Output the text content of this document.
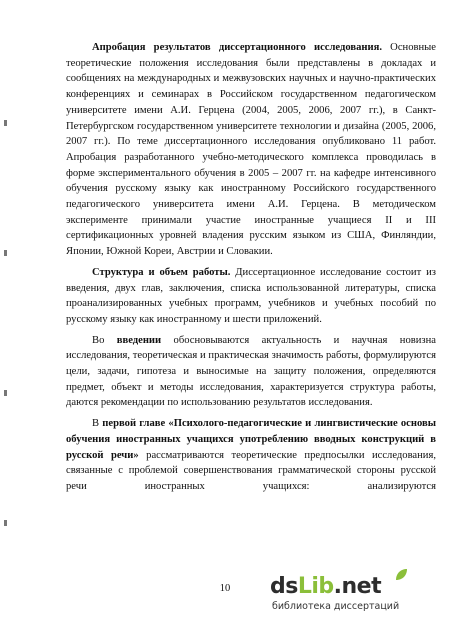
Апробация результатов диссертационного исследования. Основные теоретические положения исследования были представлены в докладах и сообщениях на международных и межвузовских научных и научно-практических конференциях и семинарах в Российском государственном педагогическом университете имени А.И. Герцена (2004, 2005, 2006, 2007 гг.), в Санкт-Петербургском государственном университете технологии и дизайна (2005, 2006, 2007 гг.). По теме диссертационного исследования опубликовано 11 работ. Апробация разработанного учебно-методического комплекса проводилась в форме экспериментального обучения в 2005 – 2007 гг. на кафедре интенсивного обучения русскому языку как иностранному Российского государственного педагогического университета имени А.И. Герцена. В методическом эксперименте принимали участие иностранные учащиеся II и III сертификационных уровней владения русским языком из США, Финляндии, Японии, Южной Кореи, Австрии и Словакии.

Структура и объем работы. Диссертационное исследование состоит из введения, двух глав, заключения, списка использованной литературы, списка проанализированных учебных программ, учебников и учебных пособий по русскому языку как иностранному и шести приложений.

Во введении обосновываются актуальность и научная новизна исследования, теоретическая и практическая значимость работы, формулируются цели, задачи, гипотеза и выносимые на защиту положения, определяются предмет, объект и методы исследования, характеризуется структура работы, даются рекомендации по использованию результатов исследования.

В первой главе «Психолого-педагогические и лингвистические основы обучения иностранных учащихся употреблению вводных конструкций в русской речи» рассматриваются теоретические предпосылки исследования, связанные с проблемой совершенствования грамматической стороны русской речи иностранных учащихся: анализируются

10	dsLib.net
библиотека диссертаций
